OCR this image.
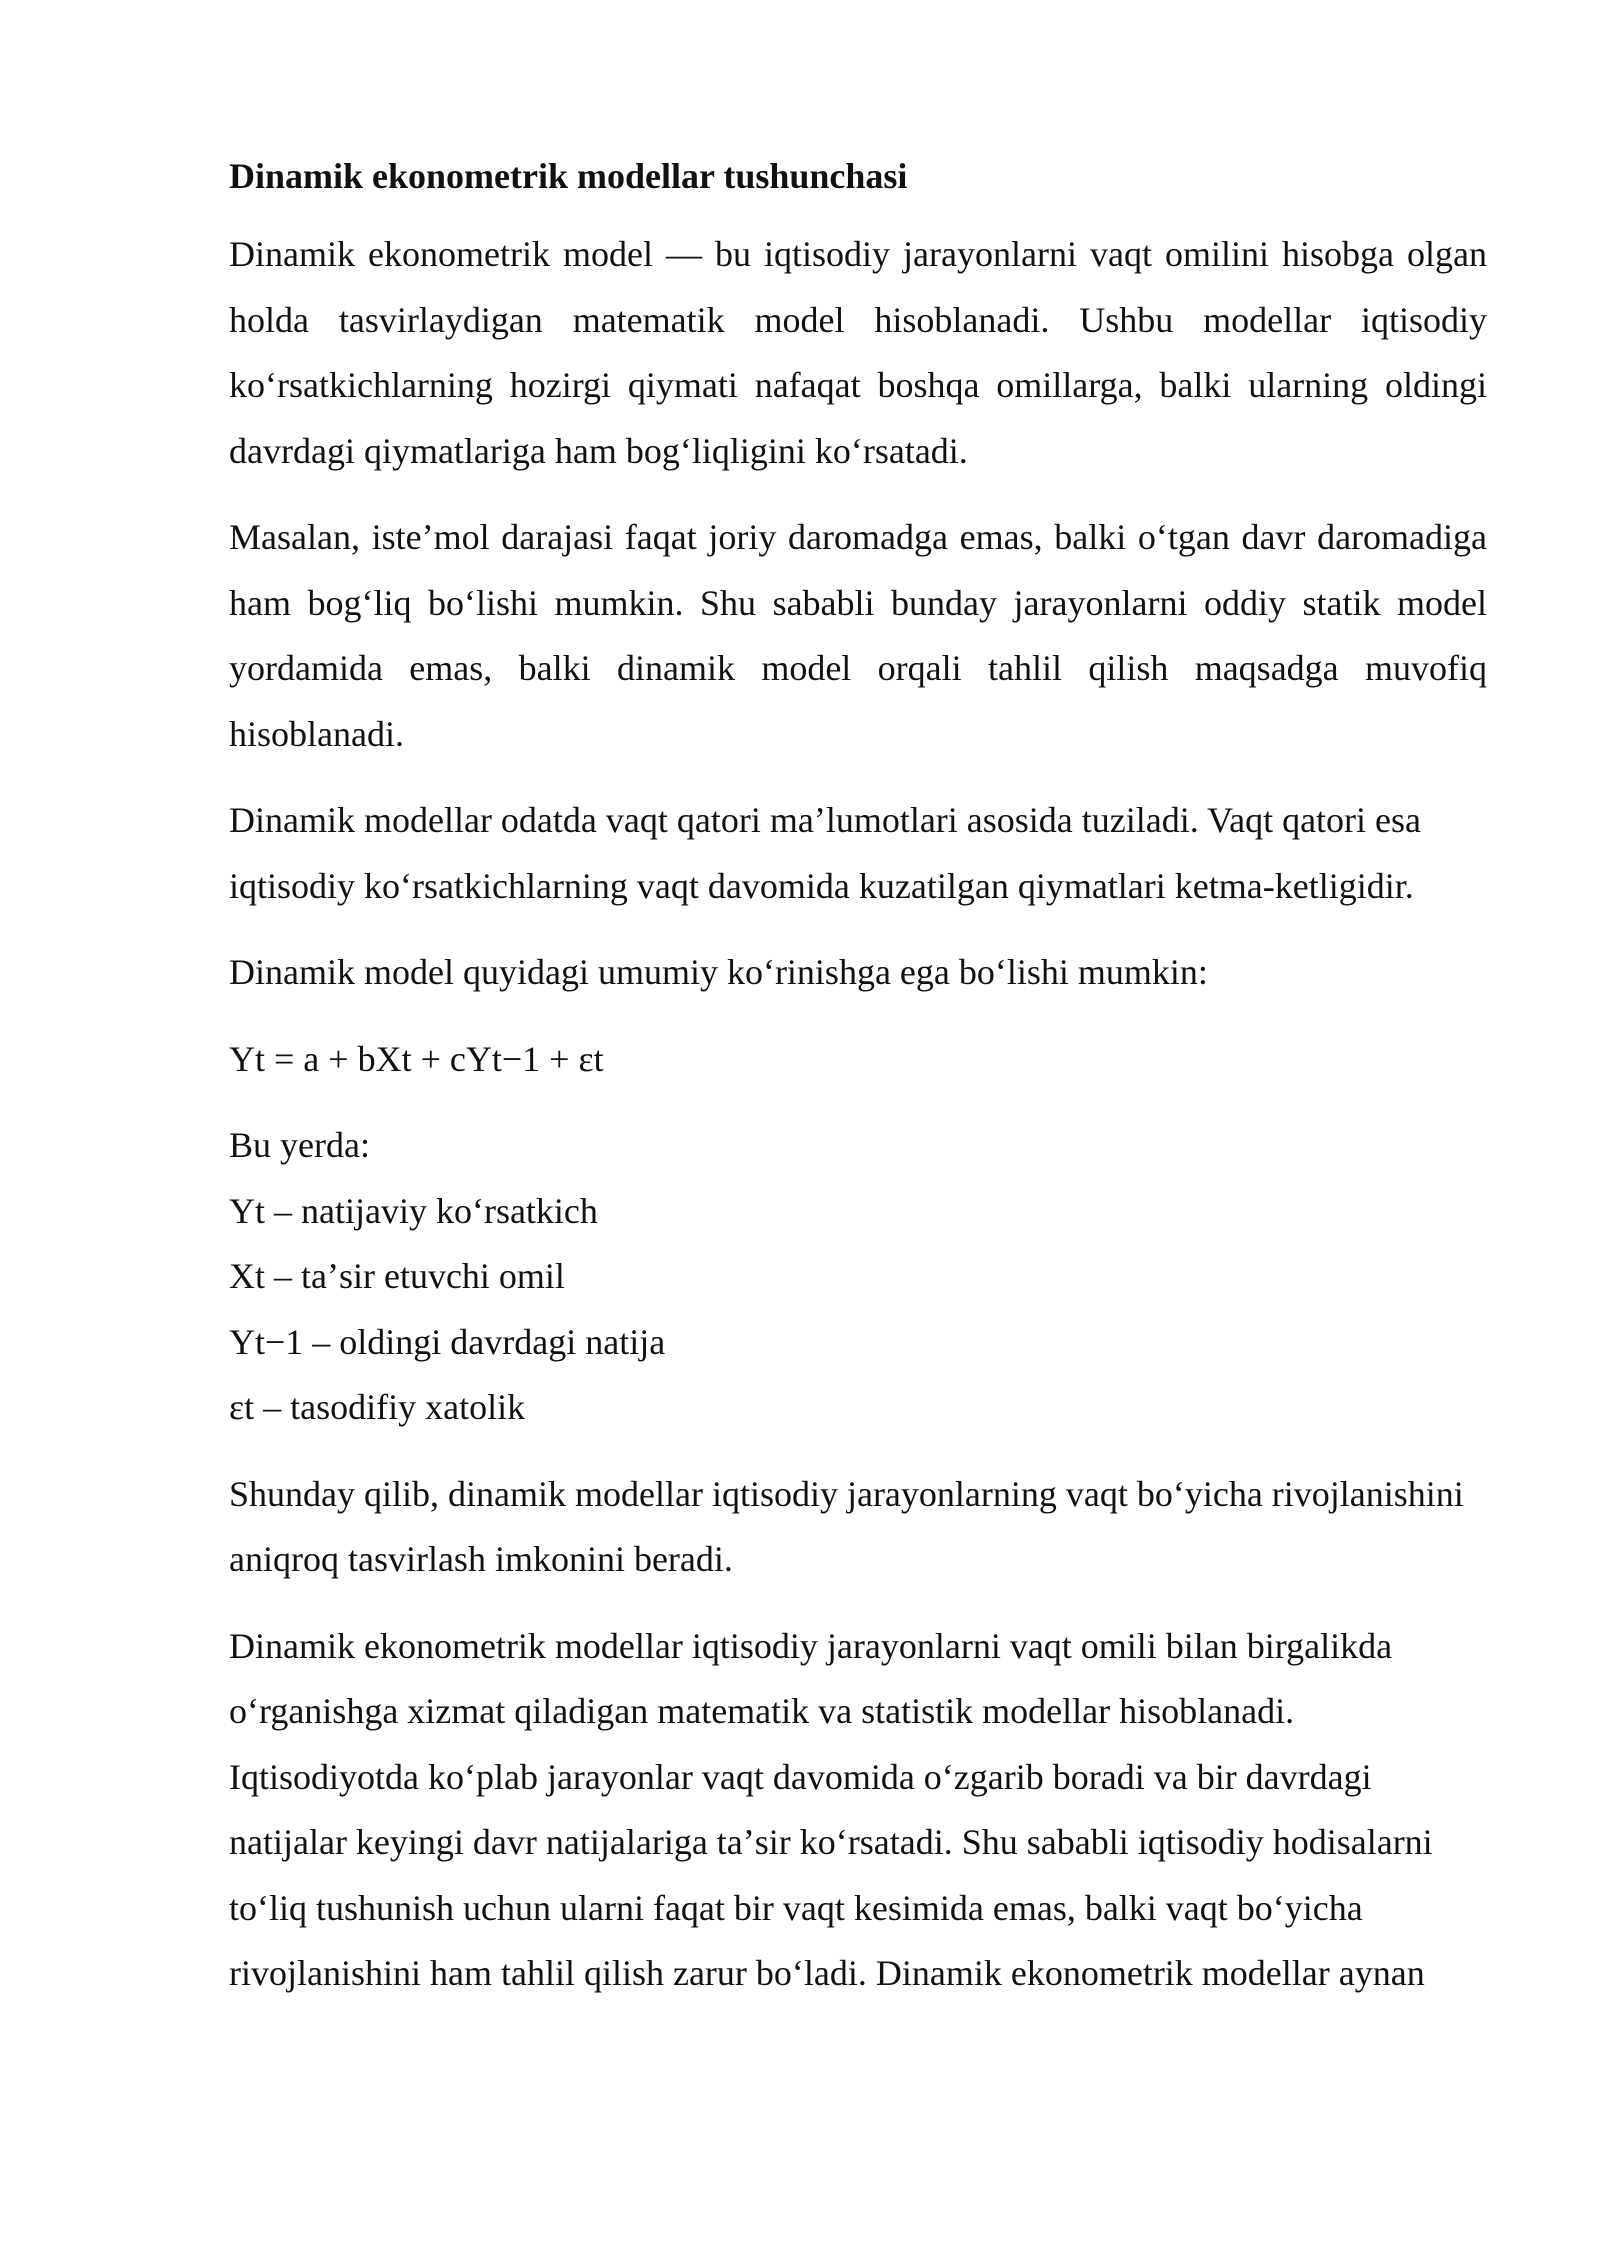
Dinamik ekonometrik modellar tushunchasi

Dinamik ekonometrik model — bu iqtisodiy jarayonlarni vaqt omilini hisobga olgan holda tasvirlaydigan matematik model hisoblanadi. Ushbu modellar iqtisodiy koʻrsatkichlarning hozirgi qiymati nafaqat boshqa omillarga, balki ularning oldingi davrdagi qiymatlariga ham bogʻliqligini koʻrsatadi.

Masalan, isteʼmol darajasi faqat joriy daromadga emas, balki oʻtgan davr daromadiga ham bogʻliq boʻlishi mumkin. Shu sababli bunday jarayonlarni oddiy statik model yordamida emas, balki dinamik model orqali tahlil qilish maqsadga muvofiq hisoblanadi.

Dinamik modellar odatda vaqt qatori maʼlumotlari asosida tuziladi. Vaqt qatori esa iqtisodiy koʻrsatkichlarning vaqt davomida kuzatilgan qiymatlari ketma-ketligidir.

Dinamik model quyidagi umumiy koʻrinishga ega boʻlishi mumkin:

Yt = a + bXt + cYt−1 + εt
Bu yerda:
Yt – natijaviy koʻrsatkich
Xt – taʼsir etuvchi omil
Yt−1 – oldingi davrdagi natija
εt – tasodifiy xatolik

Shunday qilib, dinamik modellar iqtisodiy jarayonlarning vaqt boʻyicha rivojlanishini aniqroq tasvirlash imkonini beradi.

Dinamik ekonometrik modellar iqtisodiy jarayonlarni vaqt omili bilan birgalikda oʻrganishga xizmat qiladigan matematik va statistik modellar hisoblanadi. Iqtisodiyotda koʻplab jarayonlar vaqt davomida oʻzgarib boradi va bir davrdagi natijalar keyingi davr natijalariga taʼsir koʻrsatadi. Shu sababli iqtisodiy hodisalarni toʻliq tushunish uchun ularni faqat bir vaqt kesimida emas, balki vaqt boʻyicha rivojlanishini ham tahlil qilish zarur boʻladi. Dinamik ekonometrik modellar aynan
